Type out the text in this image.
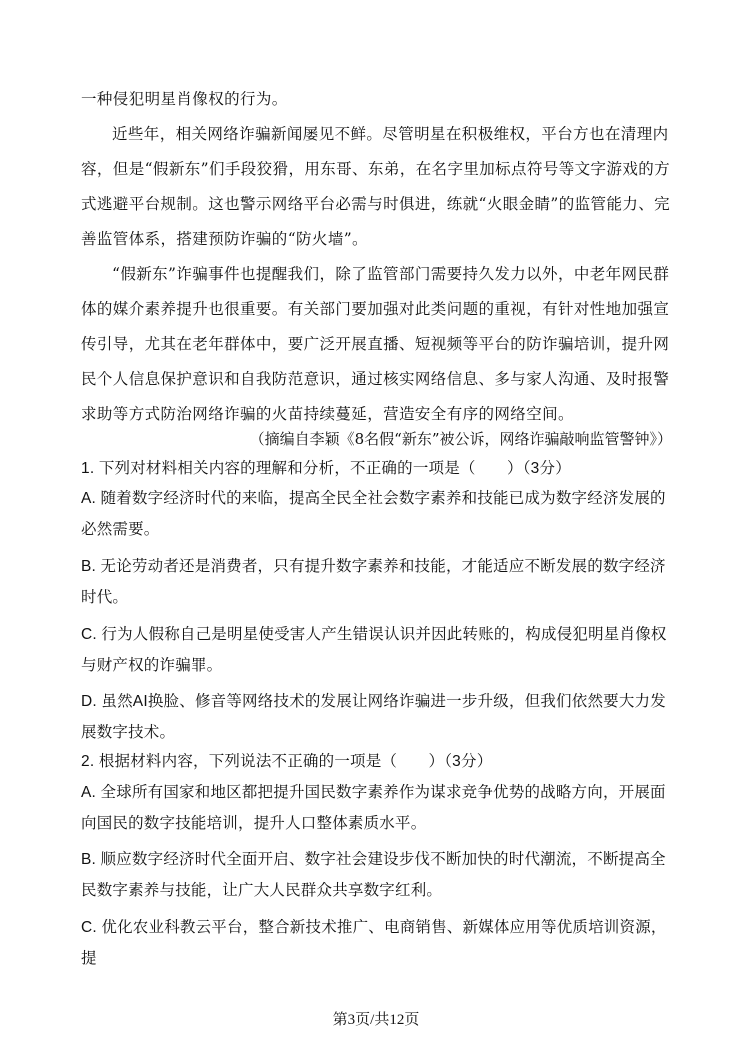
一种侵犯明星肖像权的行为。
近些年，相关网络诈骗新闻屡见不鲜。尽管明星在积极维权，平台方也在清理内容，但是“假新东”们手段狡猾，用东哥、东弟，在名字里加标点符号等文字游戏的方式逃避平台规制。这也警示网络平台必需与时俱进，练就“火眼金睛”的监管能力、完善监管体系，搭建预防诈骗的“防火墙”。
“假新东”诈骗事件也提醒我们，除了监管部门需要持久发力以外，中老年网民群体的媒介素养提升也很重要。有关部门要加强对此类问题的重视，有针对性地加强宣传引导，尤其在老年群体中，要广泛开展直播、短视频等平台的防诈骗培训，提升网民个人信息保护意识和自我防范意识，通过核实网络信息、多与家人沟通、及时报警求助等方式防治网络诈骗的火苗持续蔓延，营造安全有序的网络空间。
（摘编自李颖《8名假“新东”被公诉，网络诈骗敲响监管警钟》）
1. 下列对材料相关内容的理解和分析，不正确的一项是（　　）（3分）
A. 随着数字经济时代的来临，提高全民全社会数字素养和技能已成为数字经济发展的必然需要。
B. 无论劳动者还是消费者，只有提升数字素养和技能，才能适应不断发展的数字经济时代。
C. 行为人假称自己是明星使受害人产生错误认识并因此转账的，构成侵犯明星肖像权与财产权的诈骗罪。
D. 虽然AI换脸、修音等网络技术的发展让网络诈骗进一步升级，但我们依然要大力发展数字技术。
2. 根据材料内容，下列说法不正确的一项是（　　）（3分）
A. 全球所有国家和地区都把提升国民数字素养作为谋求竞争优势的战略方向，开展面向国民的数字技能培训，提升人口整体素质水平。
B. 顺应数字经济时代全面开启、数字社会建设步伐不断加快的时代潮流，不断提高全民数字素养与技能，让广大人民群众共享数字红利。
C. 优化农业科教云平台，整合新技术推广、电商销售、新媒体应用等优质培训资源，提
第3页/共12页
